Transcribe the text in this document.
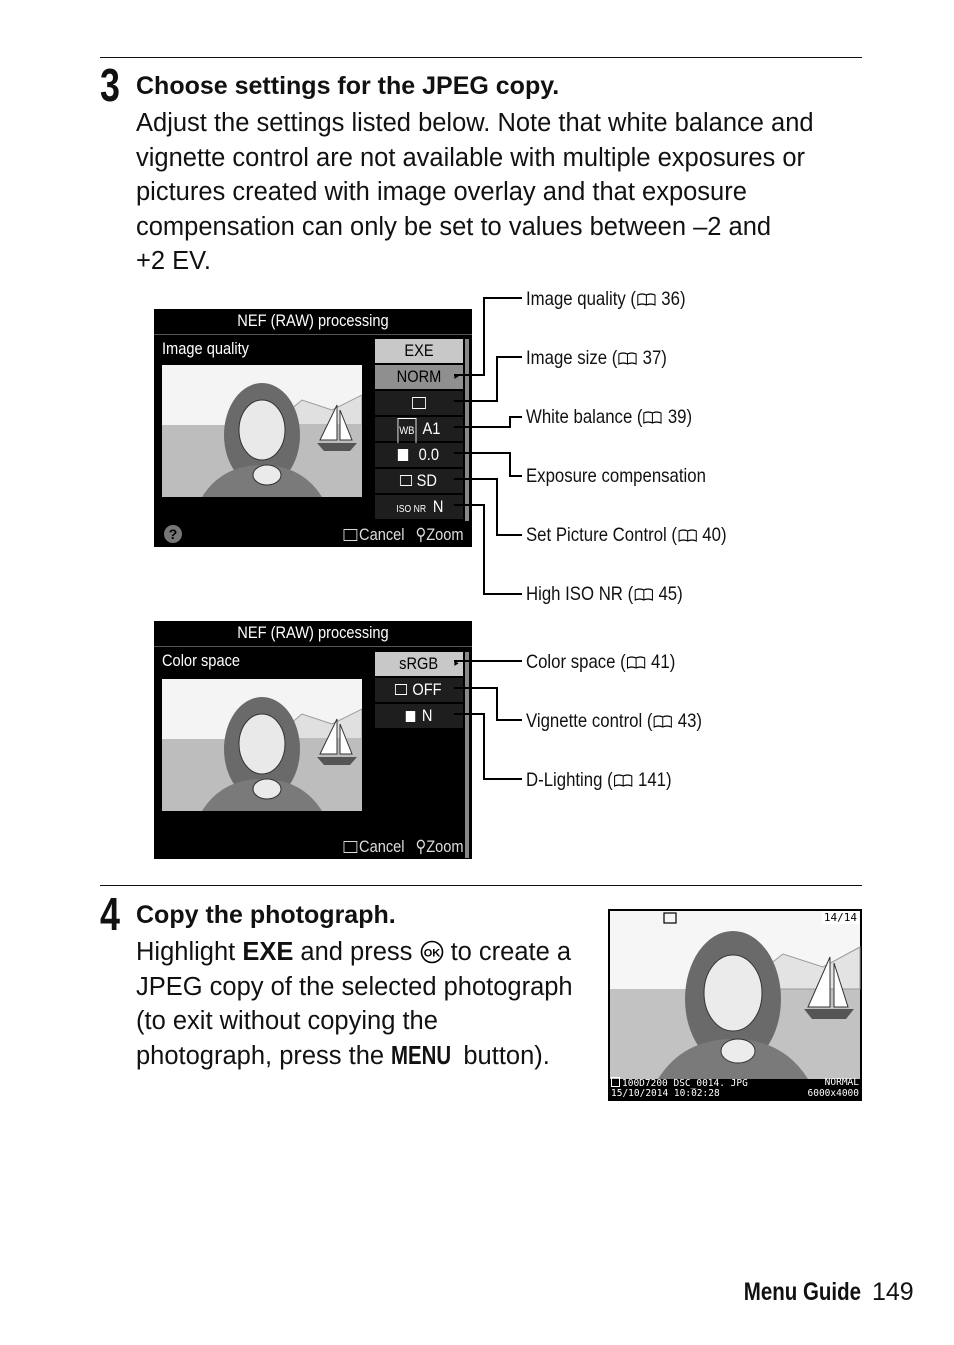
3 Choose settings for the JPEG copy.
Adjust the settings listed below. Note that white balance and
vignette control are not available with multiple exposures or
pictures created with image overlay and that exposure
compensation can only be set to values between –2 and
+2 EV.
NEF (RAW) processing
Image quality	EXE
NORM ▸
WB A1
0.0
SD
ISO NR N
?	Cancel ⚲Zoom
NEF (RAW) processing
Color space	sRGB ▸
OFF
N
Cancel ⚲Zoom
Image quality ( 36)
Image size ( 37)
White balance ( 39)
Exposure compensation
Set Picture Control ( 40)
High ISO NR ( 45)
Color space ( 41)
Vignette control ( 43)
D-Lighting ( 141)
4 Copy the photograph.
Highlight EXE and press OK to create a
JPEG copy of the selected photograph
(to exit without copying the
photograph, press the MENU button).
14/14
100D7200 DSC_0014. JPG	NORMAL
15/10/2014 10:02:28	6000x4000
Menu Guide 149
